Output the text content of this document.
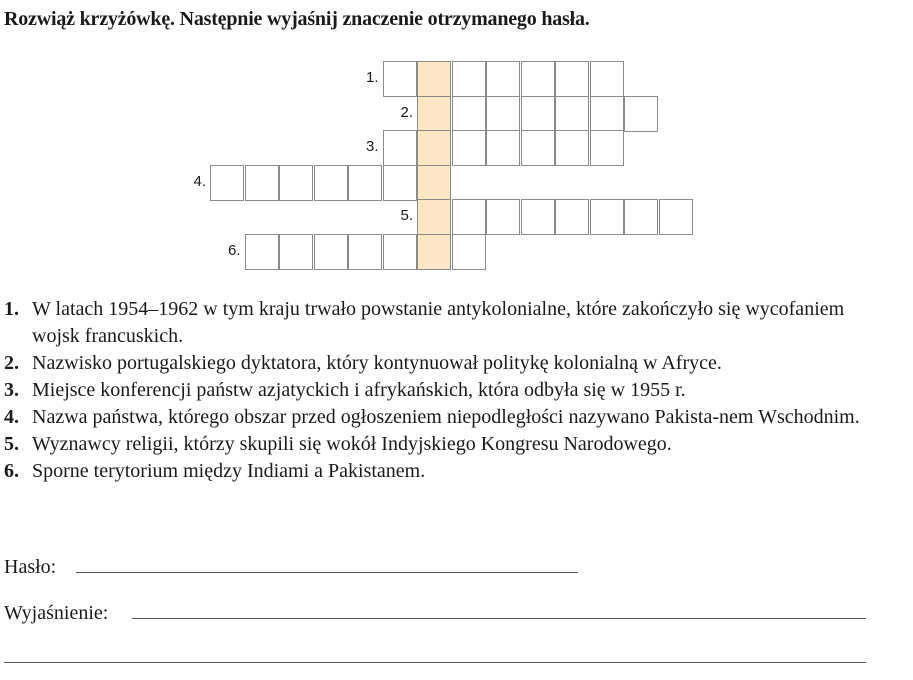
Rozwiąż krzyżówkę. Następnie wyjaśnij znaczenie otrzymanego hasła.
1.
2.
3.
4.
5.
6.
1. W latach 1954–1962 w tym kraju trwało powstanie antykolonialne, które zakończyło się wycofaniem wojsk francuskich.
2. Nazwisko portugalskiego dyktatora, który kontynuował politykę kolonialną w Afryce.
3. Miejsce konferencji państw azjatyckich i afrykańskich, która odbyła się w 1955 r.
4. Nazwa państwa, którego obszar przed ogłoszeniem niepodległości nazywano Pakista-nem Wschodnim.
5. Wyznawcy religii, którzy skupili się wokół Indyjskiego Kongresu Narodowego.
6. Sporne terytorium między Indiami a Pakistanem.
Hasło:
Wyjaśnienie:
